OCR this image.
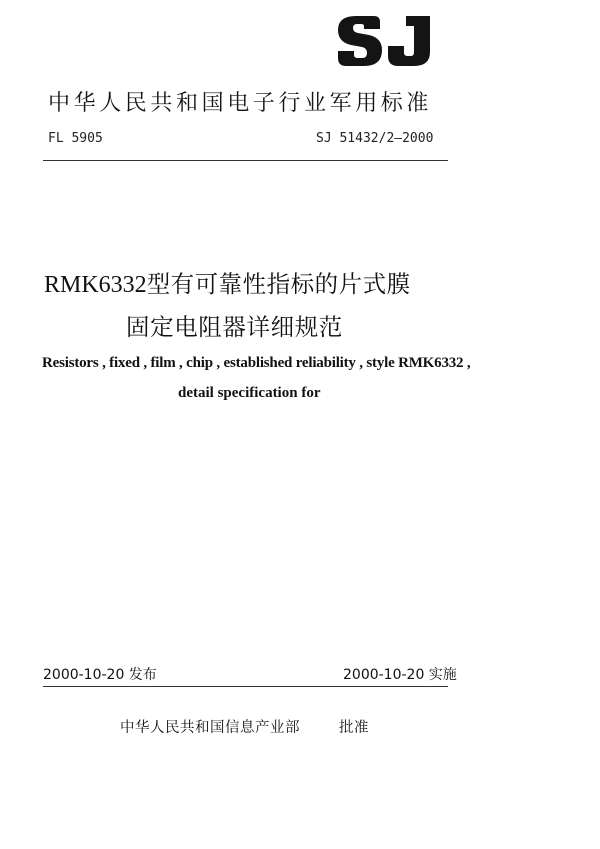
中华人民共和国电子行业军用标准
FL 5905	SJ 51432/2—2000
RMK6332型有可靠性指标的片式膜
固定电阻器详细规范
Resistors , fixed , film , chip , established reliability , style RMK6332 ,
detail specification for
2000-10-20 发布	2000-10-20 实施
中华人民共和国信息产业部	批准
